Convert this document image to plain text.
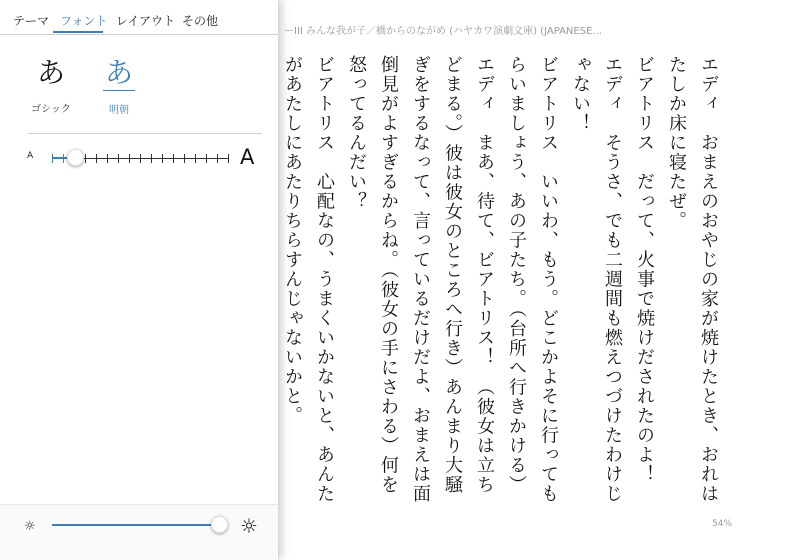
ーIII みんな我が子／橋からのながめ (ハヤカワ演劇文庫) (JAPANESE...

エディ　おまえのおやじの家が焼けたとき、おれはたしか床に寝たぜ。

ビアトリス　だって、火事で焼けだされたのよ！

エディ　そうさ、でも二週間も燃えつづけたわけじゃない！

ビアトリス　いいわ、もう。どこかよそに行ってもらいましょう、あの子たち。（台所へ行きかける）

エディ　まあ、待て、ビアトリス！　（彼女は立ちどまる。）彼は彼女のところへ行き）あんまり大騒ぎをするなって、言っているだけだよ、おまえは面倒見がよすぎるからね。（彼女の手にさわる）何を怒ってるんだい？

ビアトリス　心配なの、うまくいかないと、あんたがあたしにあたりちらすんじゃないかと。

54%
テーマ フォント レイアウト その他
あ
ゴシック
あ
明朝
A	A
☼	☼
